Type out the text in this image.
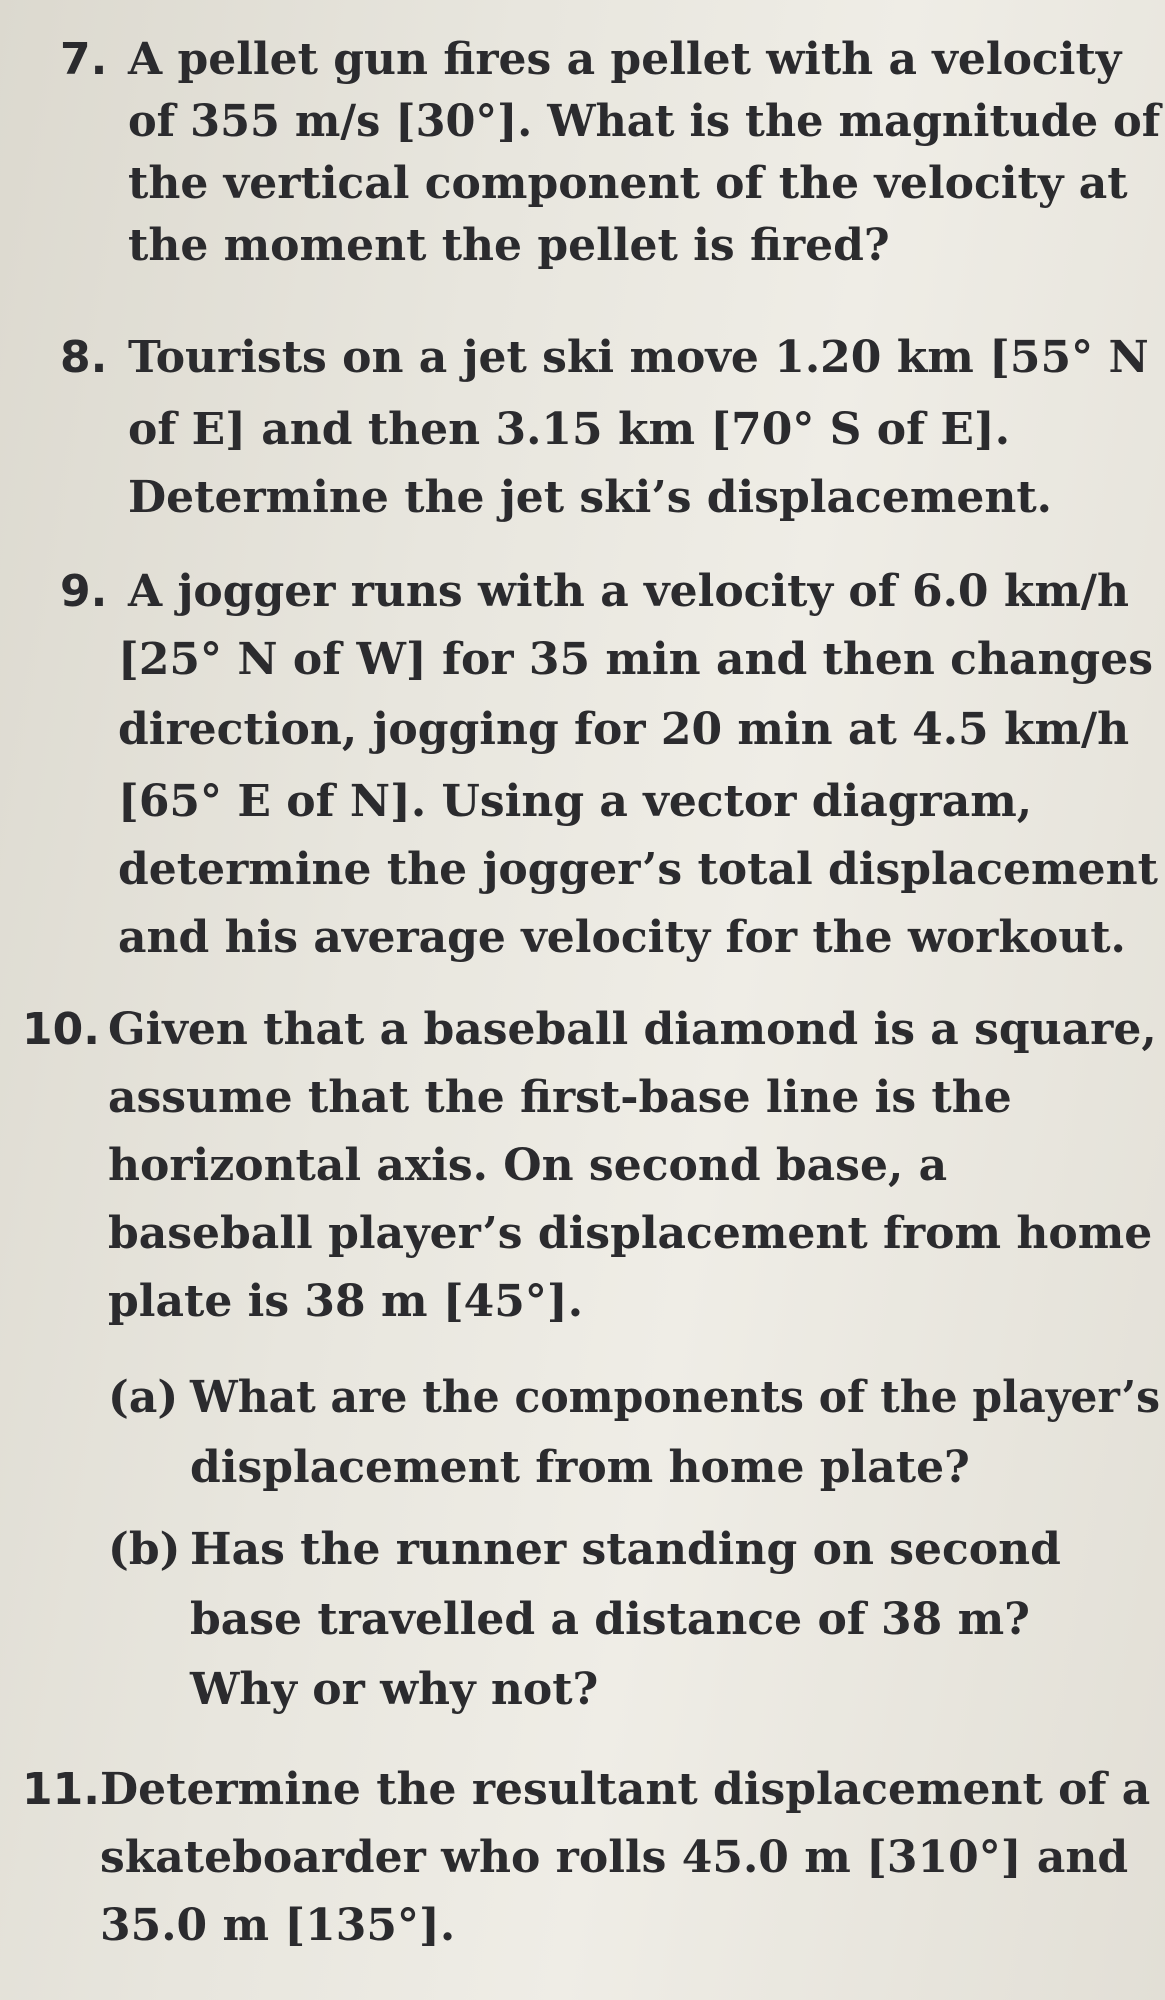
7. A pellet gun fires a pellet with a velocity
of 355 m/s [30°]. What is the magnitude of
the vertical component of the velocity at
the moment the pellet is fired?
8. Tourists on a jet ski move 1.20 km [55° N
of E] and then 3.15 km [70° S of E].
Determine the jet ski’s displacement.
9. A jogger runs with a velocity of 6.0 km/h
[25° N of W] for 35 min and then changes
direction, jogging for 20 min at 4.5 km/h
[65° E of N]. Using a vector diagram,
determine the jogger’s total displacement
and his average velocity for the workout.
10. Given that a baseball diamond is a square,
assume that the first-base line is the
horizontal axis. On second base, a
baseball player’s displacement from home
plate is 38 m [45°].
(a) What are the components of the player’s
displacement from home plate?
(b) Has the runner standing on second
base travelled a distance of 38 m?
Why or why not?
11. Determine the resultant displacement of a
skateboarder who rolls 45.0 m [310°] and
35.0 m [135°].
